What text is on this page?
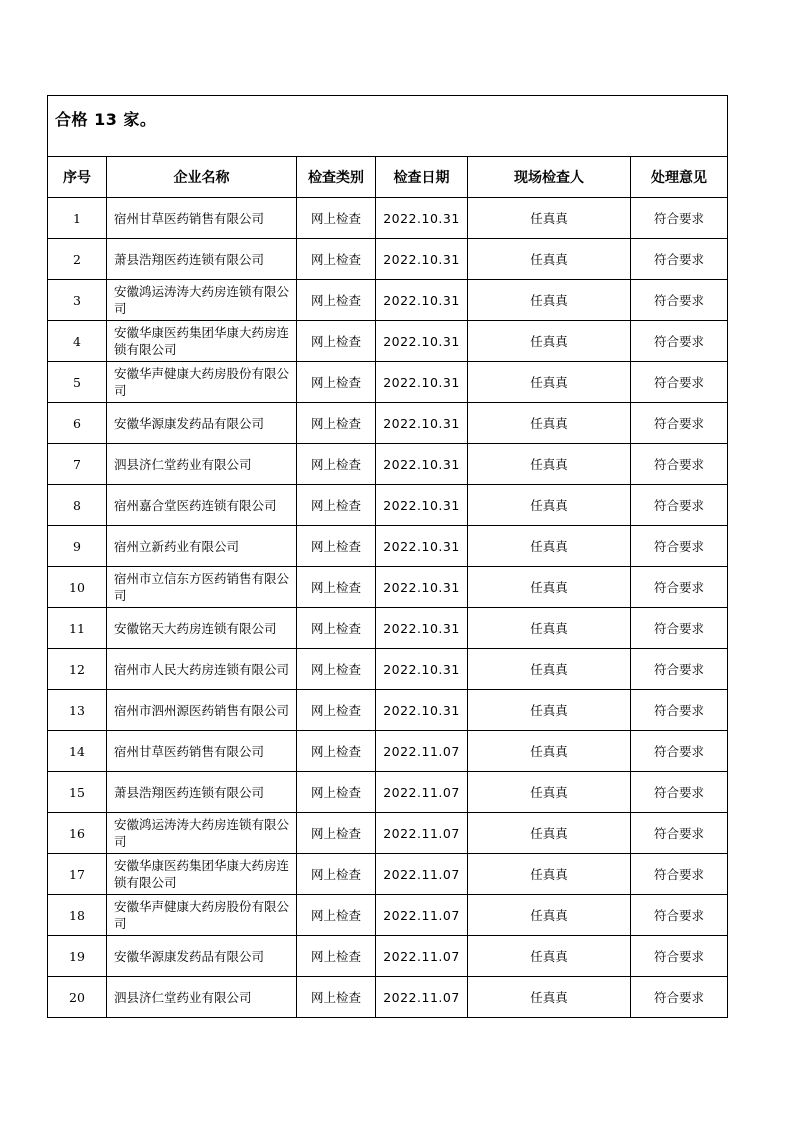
合格 13 家。					

序号	企业名称	检查类别	检查日期	现场检查人	处理意见
1	宿州甘草医药销售有限公司	网上检查	2022.10.31	任真真	符合要求
2	萧县浩翔医药连锁有限公司	网上检查	2022.10.31	任真真	符合要求
3	安徽鸿运涛涛大药房连锁有限公司	网上检查	2022.10.31	任真真	符合要求
4	安徽华康医药集团华康大药房连锁有限公司	网上检查	2022.10.31	任真真	符合要求
5	安徽华声健康大药房股份有限公司	网上检查	2022.10.31	任真真	符合要求
6	安徽华源康发药品有限公司	网上检查	2022.10.31	任真真	符合要求
7	泗县济仁堂药业有限公司	网上检查	2022.10.31	任真真	符合要求
8	宿州嘉合堂医药连锁有限公司	网上检查	2022.10.31	任真真	符合要求
9	宿州立新药业有限公司	网上检查	2022.10.31	任真真	符合要求
10	宿州市立信东方医药销售有限公司	网上检查	2022.10.31	任真真	符合要求
11	安徽铭天大药房连锁有限公司	网上检查	2022.10.31	任真真	符合要求
12	宿州市人民大药房连锁有限公司	网上检查	2022.10.31	任真真	符合要求
13	宿州市泗州源医药销售有限公司	网上检查	2022.10.31	任真真	符合要求
14	宿州甘草医药销售有限公司	网上检查	2022.11.07	任真真	符合要求
15	萧县浩翔医药连锁有限公司	网上检查	2022.11.07	任真真	符合要求
16	安徽鸿运涛涛大药房连锁有限公司	网上检查	2022.11.07	任真真	符合要求
17	安徽华康医药集团华康大药房连锁有限公司	网上检查	2022.11.07	任真真	符合要求
18	安徽华声健康大药房股份有限公司	网上检查	2022.11.07	任真真	符合要求
19	安徽华源康发药品有限公司	网上检查	2022.11.07	任真真	符合要求
20	泗县济仁堂药业有限公司	网上检查	2022.11.07	任真真	符合要求
